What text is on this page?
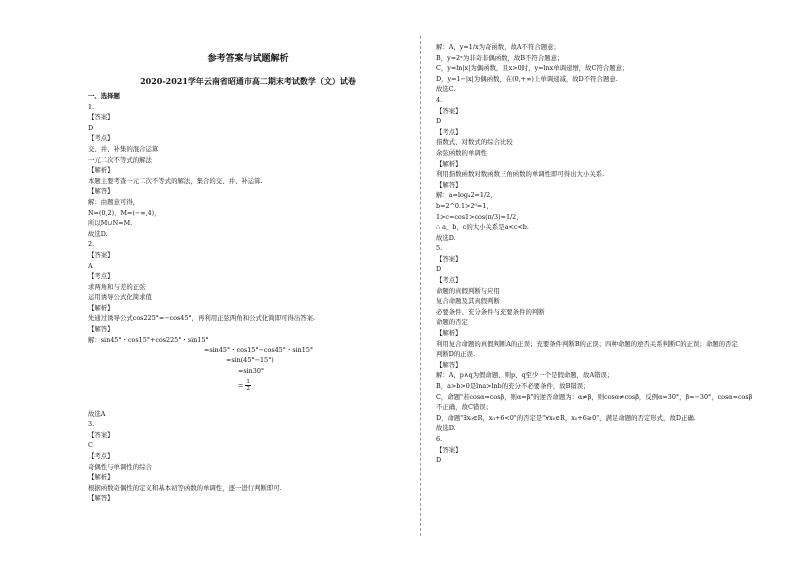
参考答案与试题解析
2020-2021学年云南省昭通市高二期末考试数学（文）试卷
一、选择题
1.
【答案】
D
【考点】
交、并、补集的混合运算
一元二次不等式的解法
【解析】
本题主要考查一元二次不等式的解法，集合的交、并、补运算.
【解答】
解：由题意可得，
N=(0,2)，M=(−∞,4)，
所以M∪N=M.
故选D.
2.
【答案】
A
【考点】
求两角和与差的正弦
运用诱导公式化简求值
【解析】
先通过诱导公式cos225°=−cos45°，再利用正弦两角和公式化简即可得出答案.
【解答】
解：sin45°・cos15°+cos225°・sin15°
=sin45°・cos15°−cos45°・sin15°
=sin(45°−15°)
=sin30°
= $\frac{1}{2}$
故选A
3.
【答案】
C
【考点】
奇偶性与单调性的综合
【解析】
根据函数奇偶性的定义和基本初等函数的单调性，逐一进行判断即可.
【解答】
解：A，y=1/x为奇函数，故A不符合题意；
B，y=2ˣ为非奇非偶函数，故B不符合题意；
C，y=ln|x|为偶函数，且x>0时，y=lnx单调递增，故C符合题意；
D，y=1−|x|为偶函数，在(0,+∞)上单调递减，故D不符合题意.
故选C.
4.
【答案】
D
【考点】
指数式、对数式的综合比较
余弦函数的单调性
【解析】
利用指数函数对数函数三角函数的单调性即可得出大小关系.
【解答】
解：a=log₄2=1/2，
b=2^0.1>2⁰=1，
1>c=cos1>cos(π/3)=1/2，
∴ a，b，c的大小关系是a<c<b.
故选D.
5.
【答案】
D
【考点】
命题的真假判断与应用
复合命题及其真假判断
必要条件、充分条件与充要条件的判断
命题的否定
【解析】
利用复合命题的真假判断A的正误；充要条件判断B的正误；四种命题的逆否关系判断C的正误；命题的否定
判断D的正误.
【解答】
解：A，p∧q为假命题，则p、q至少一个是假命题，故A错误；
B，a>b>0是lna>lnb的充分不必要条件，故B错误；
C，命题"若cosα=cosβ，则α=β"的逆否命题为：α≠β，则cosα≠cosβ，反例α=30°，β=−30°，cosα=cosβ
不正确，故C错误；
D，命题"∃x₀∈R，x₀+6<0"的否定是"∀x₀∈R，x₀+6≥0"，满足命题的否定形式，故D正确.
故选D.
6.
【答案】
D
